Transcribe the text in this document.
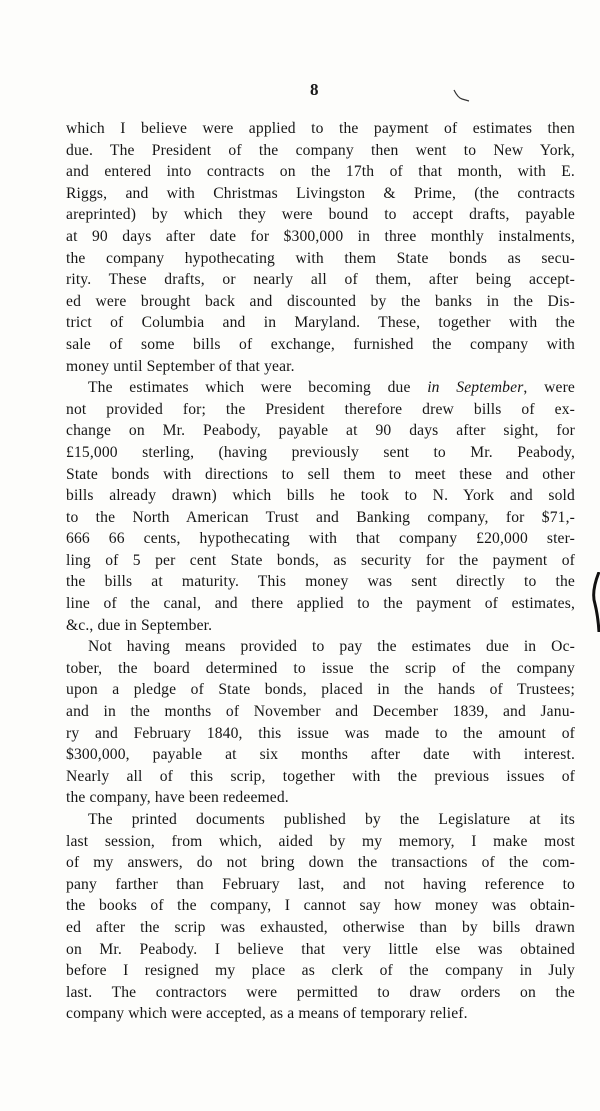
8
which I believe were applied to the payment of estimates then
due. The President of the company then went to New York,
and entered into contracts on the 17th of that month, with E.
Riggs, and with Christmas Livingston & Prime, (the contracts
areprinted) by which they were bound to accept drafts, payable
at 90 days after date for $300,000 in three monthly instalments,
the company hypothecating with them State bonds as secu-
rity. These drafts, or nearly all of them, after being accept-
ed were brought back and discounted by the banks in the Dis-
trict of Columbia and in Maryland. These, together with the
sale of some bills of exchange, furnished the company with
money until September of that year.
The estimates which were becoming due in September, were
not provided for; the President therefore drew bills of ex-
change on Mr. Peabody, payable at 90 days after sight, for
£15,000 sterling, (having previously sent to Mr. Peabody,
State bonds with directions to sell them to meet these and other
bills already drawn) which bills he took to N. York and sold
to the North American Trust and Banking company, for $71,-
666 66 cents, hypothecating with that company £20,000 ster-
ling of 5 per cent State bonds, as security for the payment of
the bills at maturity. This money was sent directly to the
line of the canal, and there applied to the payment of estimates,
&c., due in September.
Not having means provided to pay the estimates due in Oc-
tober, the board determined to issue the scrip of the company
upon a pledge of State bonds, placed in the hands of Trustees;
and in the months of November and December 1839, and Janu-
ry and February 1840, this issue was made to the amount of
$300,000, payable at six months after date with interest.
Nearly all of this scrip, together with the previous issues of
the company, have been redeemed.
The printed documents published by the Legislature at its
last session, from which, aided by my memory, I make most
of my answers, do not bring down the transactions of the com-
pany farther than February last, and not having reference to
the books of the company, I cannot say how money was obtain-
ed after the scrip was exhausted, otherwise than by bills drawn
on Mr. Peabody. I believe that very little else was obtained
before I resigned my place as clerk of the company in July
last. The contractors were permitted to draw orders on the
company which were accepted, as a means of temporary relief.
